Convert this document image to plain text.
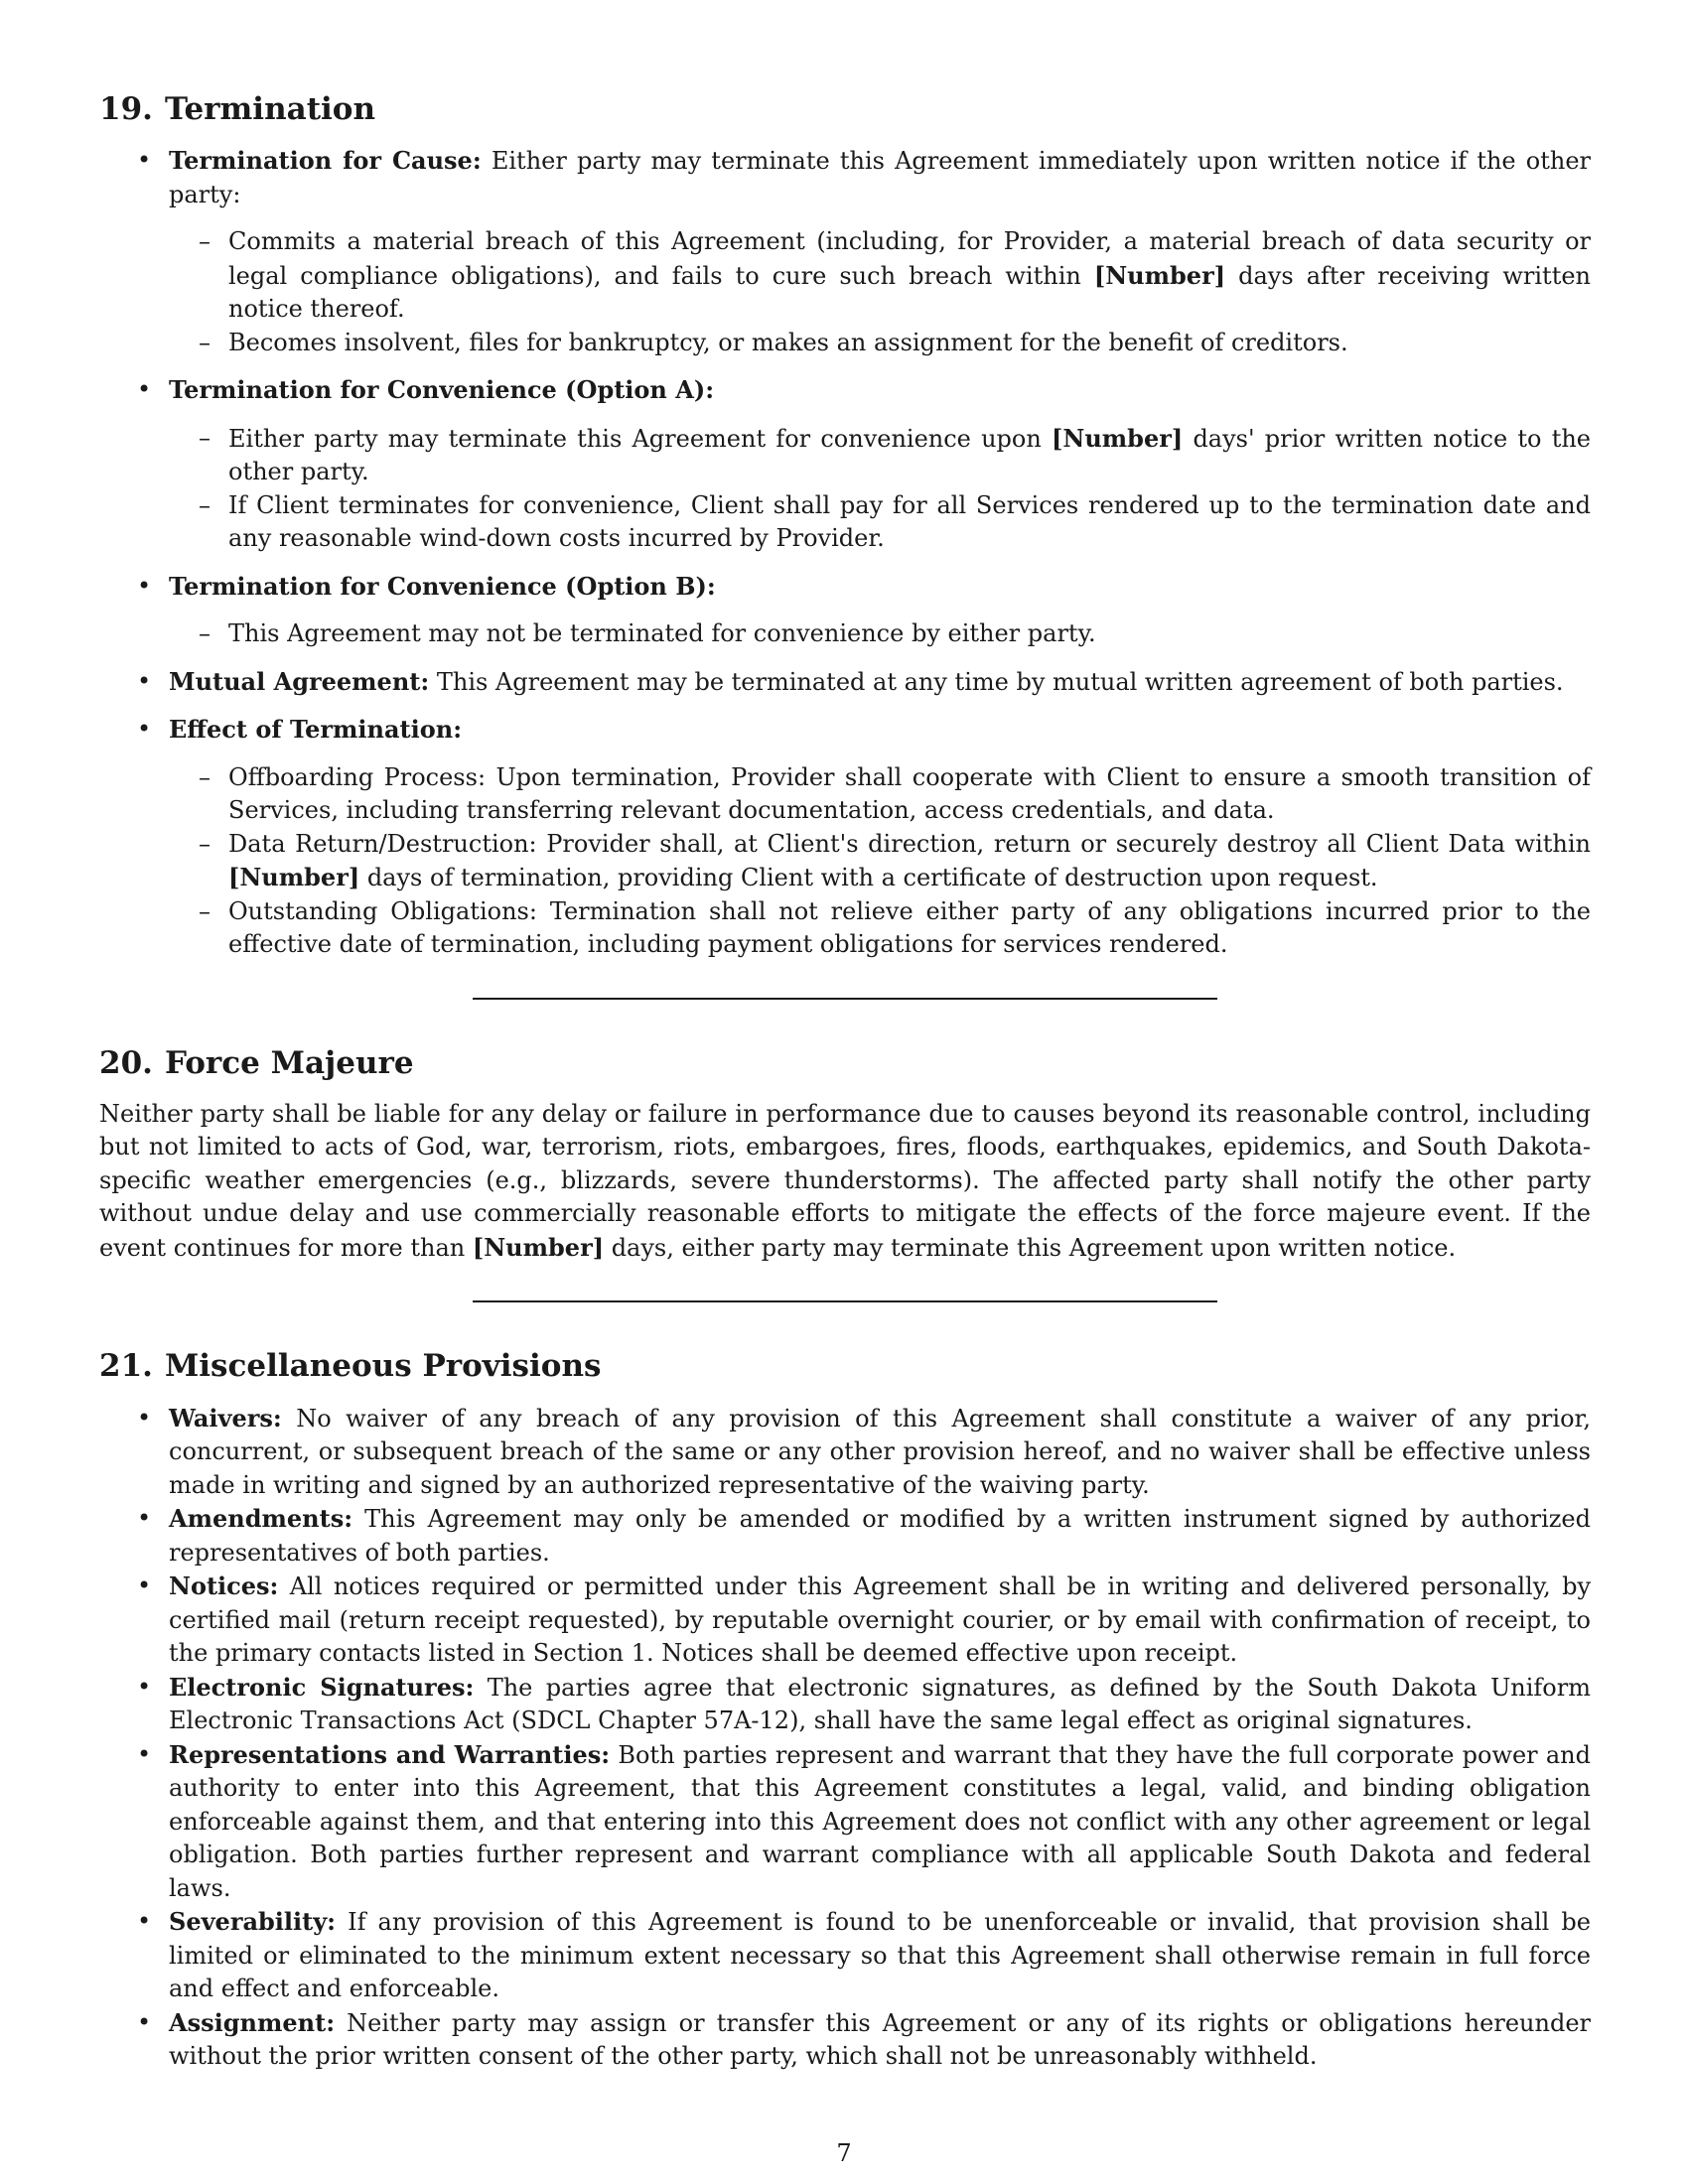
19. Termination
• Termination for Cause: Either party may terminate this Agreement immediately upon written notice if the other party:
– Commits a material breach of this Agreement (including, for Provider, a material breach of data security or legal compliance obligations), and fails to cure such breach within [Number] days after receiving written notice thereof.
– Becomes insolvent, files for bankruptcy, or makes an assignment for the benefit of creditors.
• Termination for Convenience (Option A):
– Either party may terminate this Agreement for convenience upon [Number] days' prior written notice to the other party.
– If Client terminates for convenience, Client shall pay for all Services rendered up to the termination date and any reasonable wind-down costs incurred by Provider.
• Termination for Convenience (Option B):
– This Agreement may not be terminated for convenience by either party.
• Mutual Agreement: This Agreement may be terminated at any time by mutual written agreement of both parties.
• Effect of Termination:
– Offboarding Process: Upon termination, Provider shall cooperate with Client to ensure a smooth transition of Services, including transferring relevant documentation, access credentials, and data.
– Data Return/Destruction: Provider shall, at Client's direction, return or securely destroy all Client Data within [Number] days of termination, providing Client with a certificate of destruction upon request.
– Outstanding Obligations: Termination shall not relieve either party of any obligations incurred prior to the effective date of termination, including payment obligations for services rendered.
20. Force Majeure

Neither party shall be liable for any delay or failure in performance due to causes beyond its reasonable control, including but not limited to acts of God, war, terrorism, riots, embargoes, fires, floods, earthquakes, epidemics, and South Dakota-specific weather emergencies (e.g., blizzards, severe thunderstorms). The affected party shall notify the other party without undue delay and use commercially reasonable efforts to mitigate the effects of the force majeure event. If the event continues for more than [Number] days, either party may terminate this Agreement upon written notice.

21. Miscellaneous Provisions
• Waivers: No waiver of any breach of any provision of this Agreement shall constitute a waiver of any prior, concurrent, or subsequent breach of the same or any other provision hereof, and no waiver shall be effective unless made in writing and signed by an authorized representative of the waiving party.
• Amendments: This Agreement may only be amended or modified by a written instrument signed by authorized representatives of both parties.
• Notices: All notices required or permitted under this Agreement shall be in writing and delivered personally, by certified mail (return receipt requested), by reputable overnight courier, or by email with confirmation of receipt, to the primary contacts listed in Section 1. Notices shall be deemed effective upon receipt.
• Electronic Signatures: The parties agree that electronic signatures, as defined by the South Dakota Uniform Electronic Transactions Act (SDCL Chapter 57A-12), shall have the same legal effect as original signatures.
• Representations and Warranties: Both parties represent and warrant that they have the full corporate power and authority to enter into this Agreement, that this Agreement constitutes a legal, valid, and binding obligation enforceable against them, and that entering into this Agreement does not conflict with any other agreement or legal obligation. Both parties further represent and warrant compliance with all applicable South Dakota and federal laws.
• Severability: If any provision of this Agreement is found to be unenforceable or invalid, that provision shall be limited or eliminated to the minimum extent necessary so that this Agreement shall otherwise remain in full force and effect and enforceable.
• Assignment: Neither party may assign or transfer this Agreement or any of its rights or obligations hereunder without the prior written consent of the other party, which shall not be unreasonably withheld.
7
